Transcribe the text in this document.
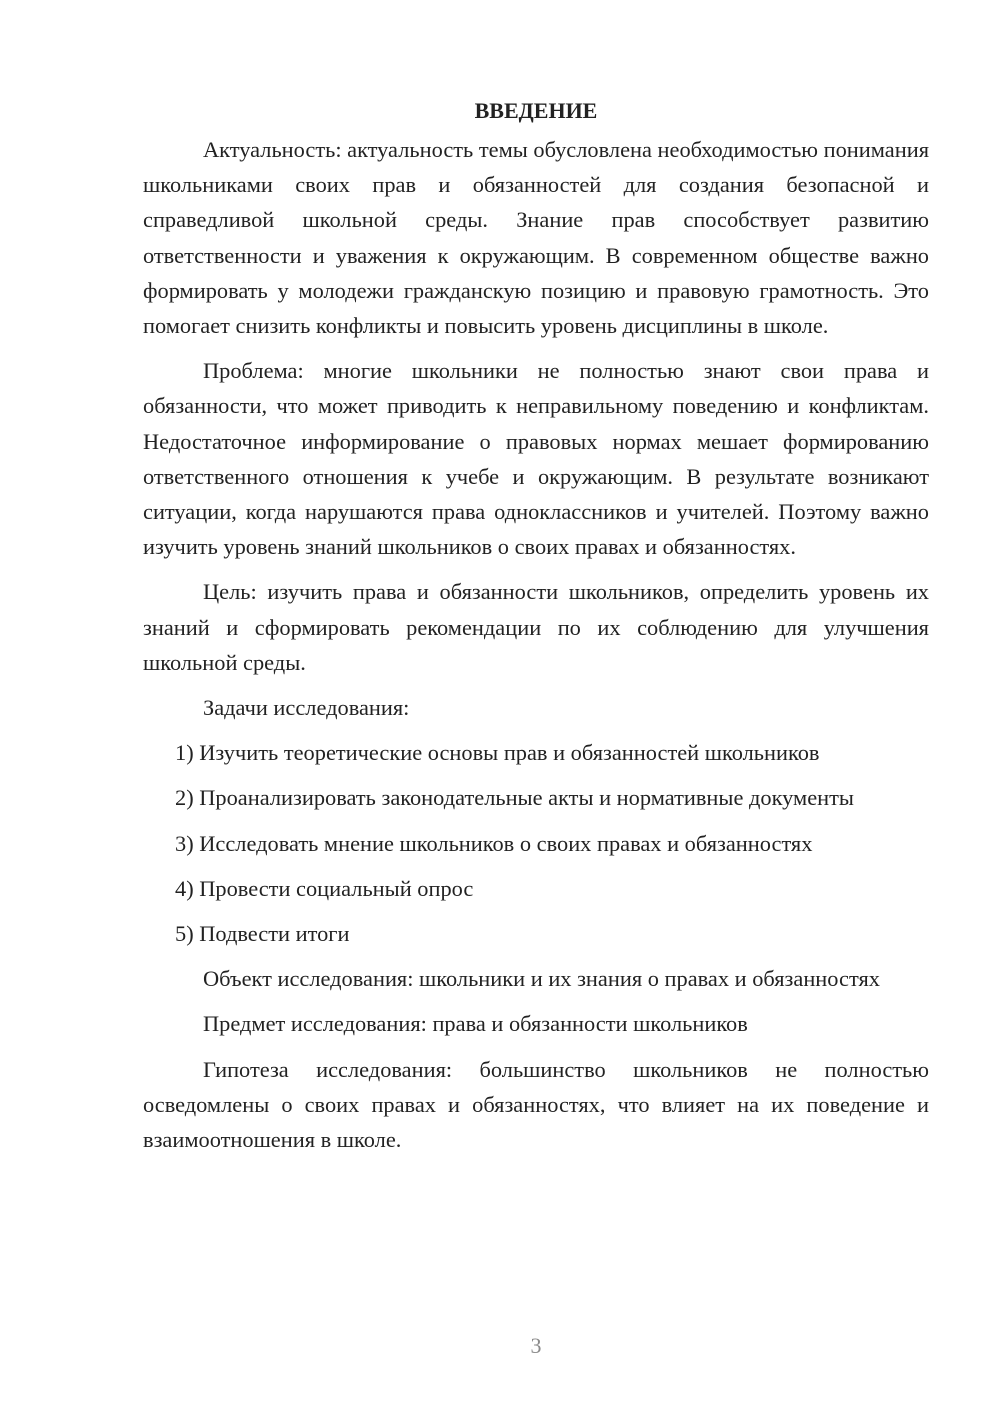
ВВЕДЕНИЕ

Актуальность: актуальность темы обусловлена необходимостью понимания школьниками своих прав и обязанностей для создания безопасной и справедливой школьной среды. Знание прав способствует развитию ответственности и уважения к окружающим. В современном обществе важно формировать у молодежи гражданскую позицию и правовую грамотность. Это помогает снизить конфликты и повысить уровень дисциплины в школе.

Проблема: многие школьники не полностью знают свои права и обязанности, что может приводить к неправильному поведению и конфликтам. Недостаточное информирование о правовых нормах мешает формированию ответственного отношения к учебе и окружающим. В результате возникают ситуации, когда нарушаются права одноклассников и учителей. Поэтому важно изучить уровень знаний школьников о своих правах и обязанностях.

Цель: изучить права и обязанности школьников, определить уровень их знаний и сформировать рекомендации по их соблюдению для улучшения школьной среды.

Задачи исследования:

1) Изучить теоретические основы прав и обязанностей школьников

2) Проанализировать законодательные акты и нормативные документы

3) Исследовать мнение школьников о своих правах и обязанностях

4) Провести социальный опрос

5) Подвести итоги

Объект исследования: школьники и их знания о правах и обязанностях

Предмет исследования: права и обязанности школьников

Гипотеза исследования: большинство школьников не полностью осведомлены о своих правах и обязанностях, что влияет на их поведение и взаимоотношения в школе.

3
